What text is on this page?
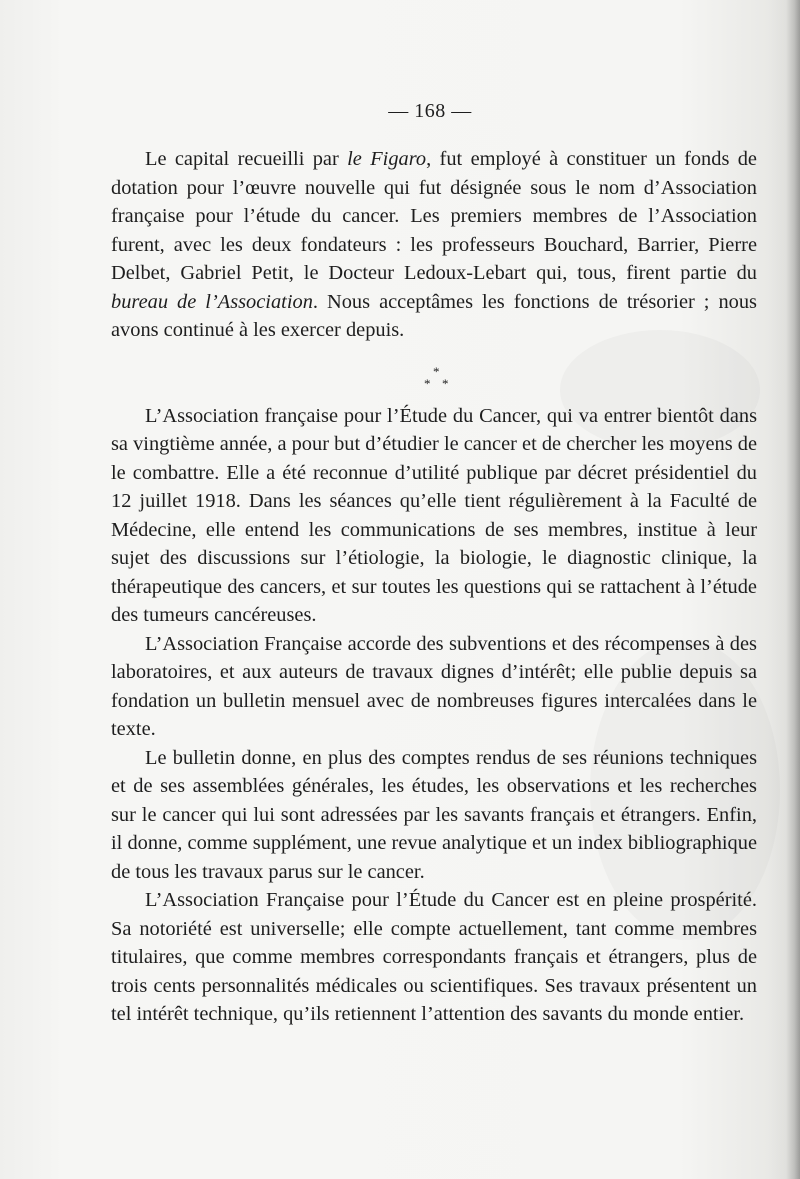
— 168 —

Le capital recueilli par le Figaro, fut employé à constituer un fonds de dotation pour l’œuvre nouvelle qui fut désignée sous le nom d’Association française pour l’étude du cancer. Les premiers membres de l’Association furent, avec les deux fondateurs : les professeurs Bouchard, Barrier, Pierre Delbet, Gabriel Petit, le Docteur Ledoux-Lebart qui, tous, firent partie du bureau de l’Association. Nous acceptâmes les fonctions de trésorier ; nous avons continué à les exercer depuis.

*
* *

L’Association française pour l’Étude du Cancer, qui va entrer bientôt dans sa vingtième année, a pour but d’étudier le cancer et de chercher les moyens de le combattre. Elle a été reconnue d’utilité publique par décret présidentiel du 12 juillet 1918. Dans les séances qu’elle tient régulièrement à la Faculté de Médecine, elle entend les communications de ses membres, institue à leur sujet des discussions sur l’étiologie, la biologie, le diagnostic clinique, la thérapeutique des cancers, et sur toutes les questions qui se rattachent à l’étude des tumeurs cancéreuses.

L’Association Française accorde des subventions et des récompenses à des laboratoires, et aux auteurs de travaux dignes d’intérêt; elle publie depuis sa fondation un bulletin mensuel avec de nombreuses figures intercalées dans le texte.

Le bulletin donne, en plus des comptes rendus de ses réunions techniques et de ses assemblées générales, les études, les observations et les recherches sur le cancer qui lui sont adressées par les savants français et étrangers. Enfin, il donne, comme supplément, une revue analytique et un index bibliographique de tous les travaux parus sur le cancer.

L’Association Française pour l’Étude du Cancer est en pleine prospérité. Sa notoriété est universelle; elle compte actuellement, tant comme membres titulaires, que comme membres correspondants français et étrangers, plus de trois cents personnalités médicales ou scientifiques. Ses travaux présentent un tel intérêt technique, qu’ils retiennent l’attention des savants du monde entier.
